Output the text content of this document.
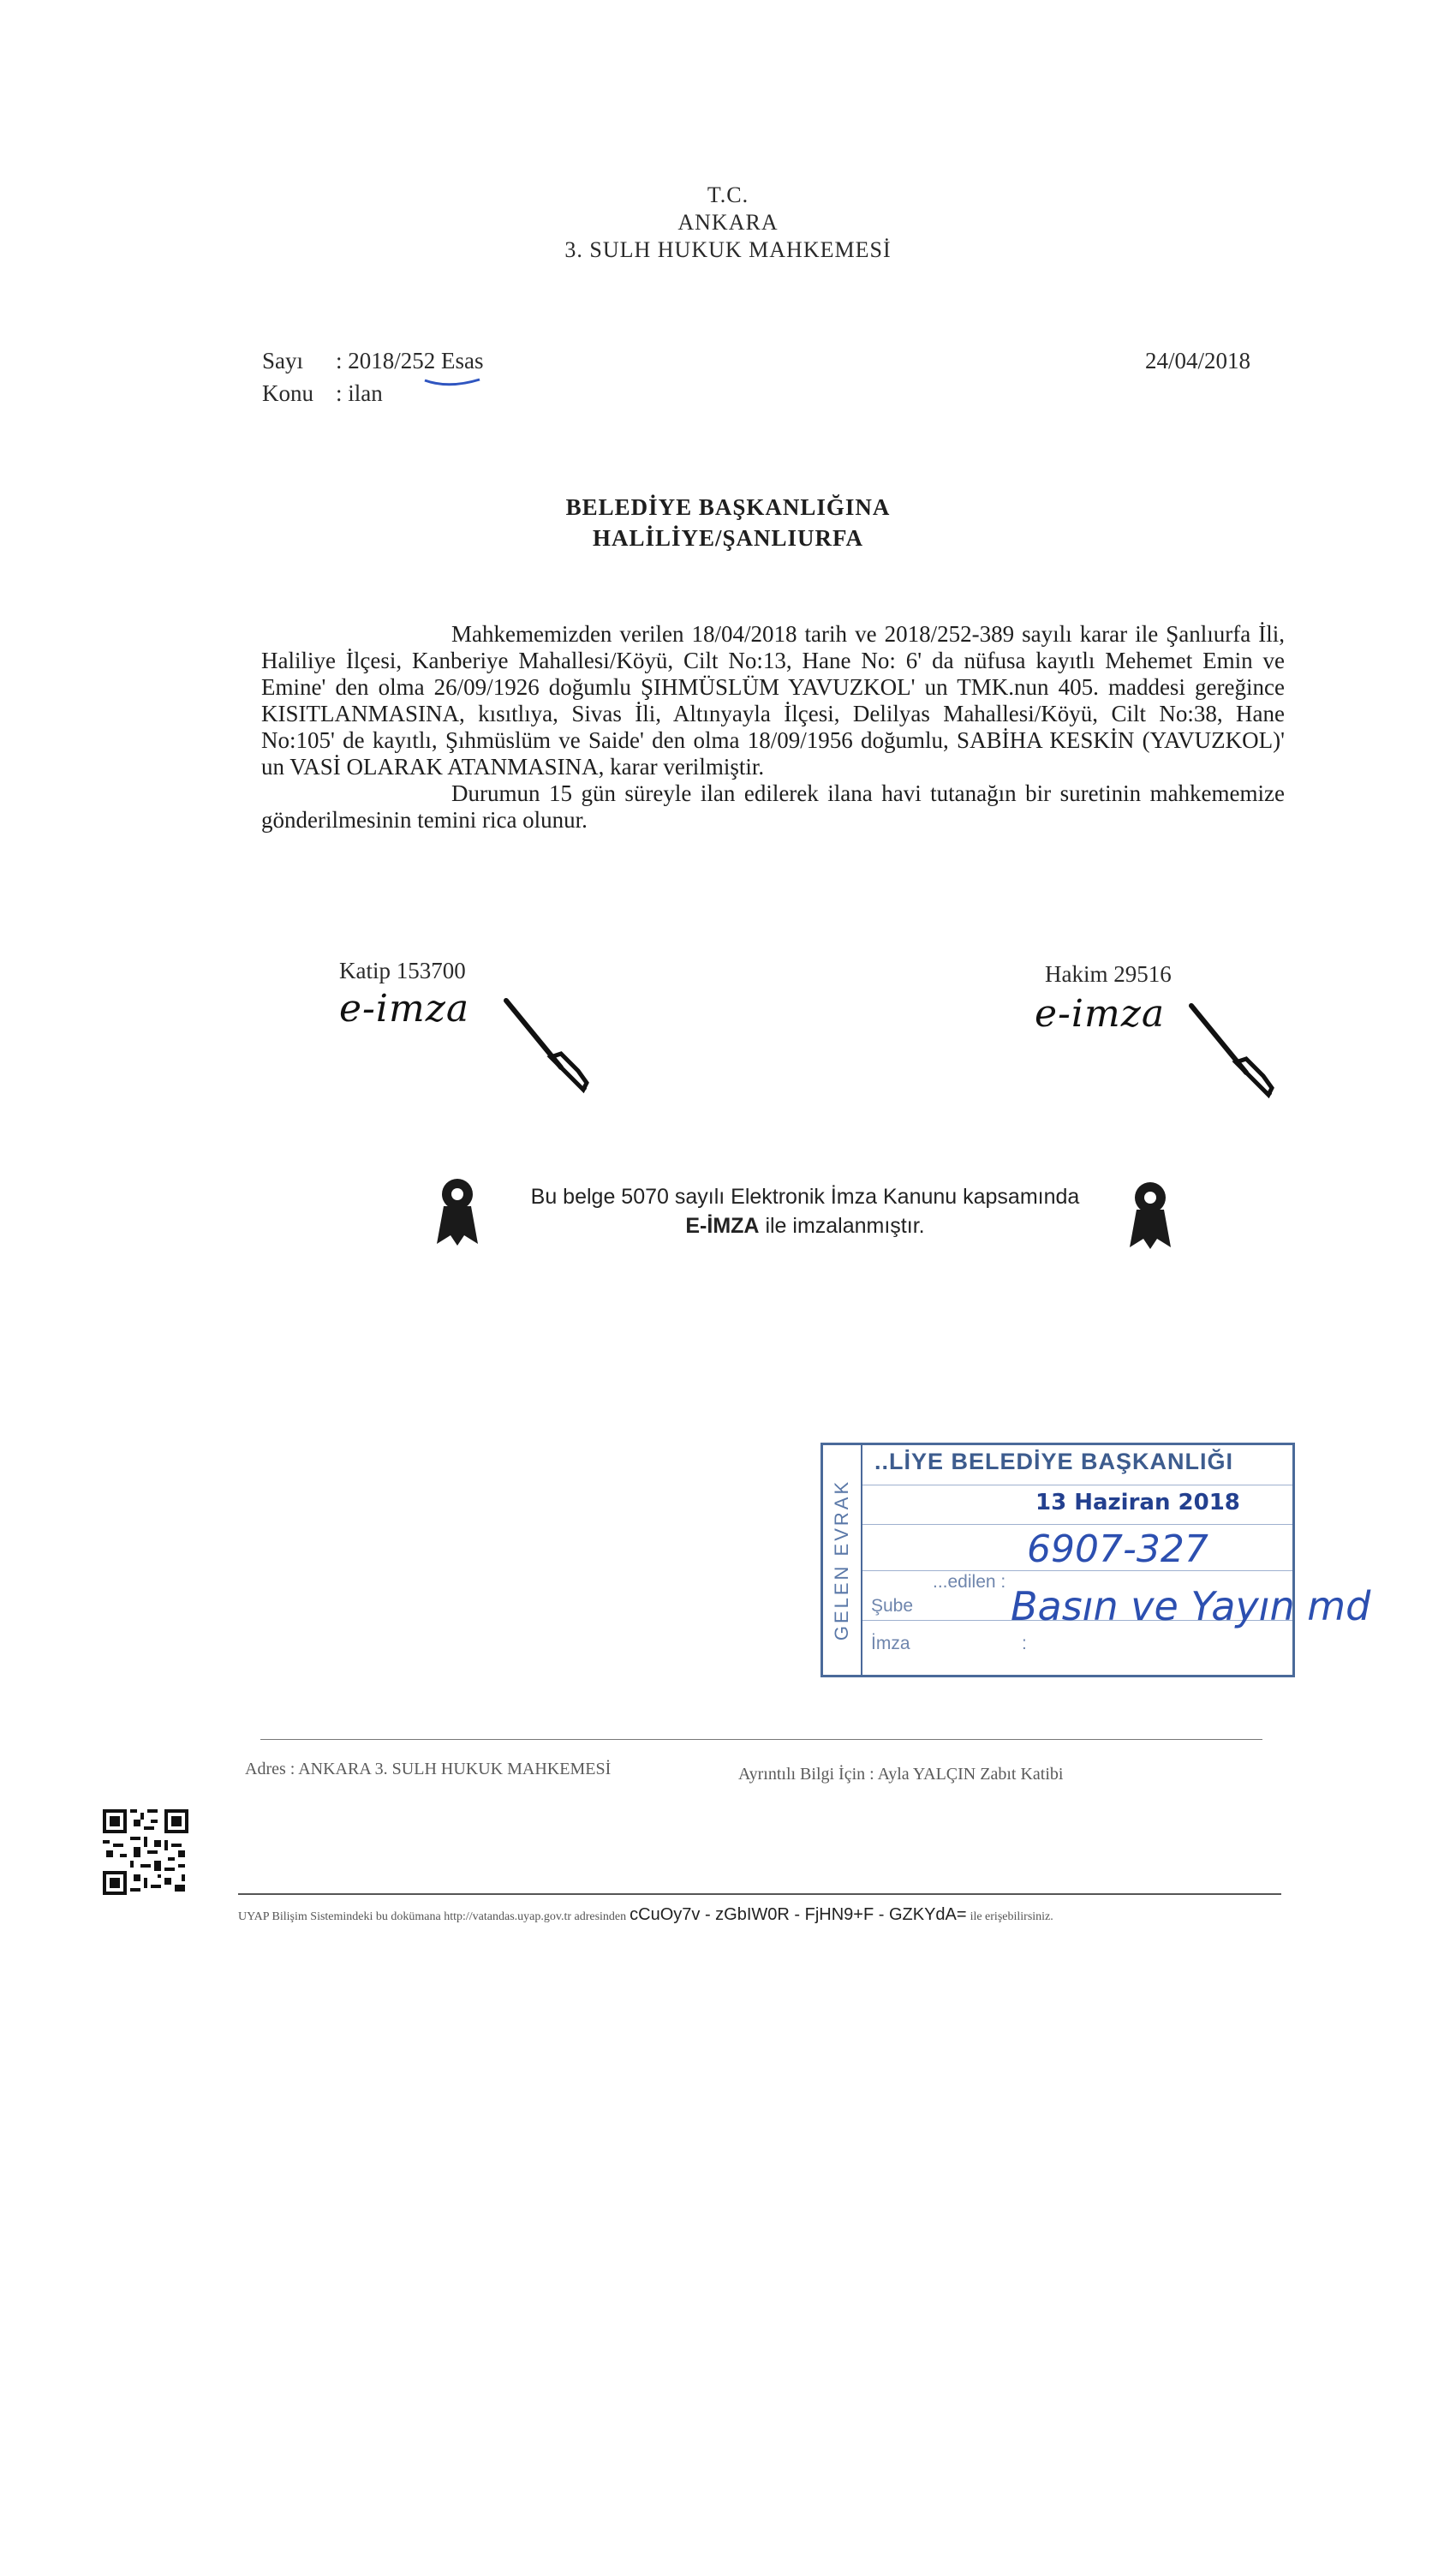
T.C.
ANKARA
3. SULH HUKUK MAHKEMESİ
Sayı : 2018/252 Esas
Konu : ilan
24/04/2018
BELEDİYE BAŞKANLIĞINA
HALİLİYE/ŞANLIURFA

Mahkememizden verilen 18/04/2018 tarih ve 2018/252-389 sayılı karar ile Şanlıurfa İli, Haliliye İlçesi, Kanberiye Mahallesi/Köyü, Cilt No:13, Hane No: 6' da nüfusa kayıtlı Mehemet Emin ve Emine' den olma 26/09/1926 doğumlu ŞIHMÜSLÜM YAVUZKOL' un TMK.nun 405. maddesi gereğince KISITLANMASINA, kısıtlıya, Sivas İli, Altınyayla İlçesi, Delilyas Mahallesi/Köyü, Cilt No:38, Hane No:105' de kayıtlı, Şıhmüslüm ve Saide' den olma 18/09/1956 doğumlu, SABİHA KESKİN (YAVUZKOL)' un VASİ OLARAK ATANMASINA, karar verilmiştir.

Durumun 15 gün süreyle ilan edilerek ilana havi tutanağın bir suretinin mahkememize gönderilmesinin temini rica olunur.

Katip 153700
e-imza
Hakim 29516
e-imza
Bu belge 5070 sayılı Elektronik İmza Kanunu kapsamında
E-İMZA ile imzalanmıştır.
GELEN EVRAK
..LİYE BELEDİYE BAŞKANLIĞI
13 Haziran 2018
6907-327
...edilen :
Şube
İmza	:
Basın ve Yayın md
Adres : ANKARA 3. SULH HUKUK MAHKEMESİ	Ayrıntılı Bilgi İçin : Ayla YALÇIN Zabıt Katibi
UYAP Bilişim Sistemindeki bu dokümana http://vatandas.uyap.gov.tr adresinden cCuOy7v - zGbIW0R - FjHN9+F - GZKYdA= ile erişebilirsiniz.
